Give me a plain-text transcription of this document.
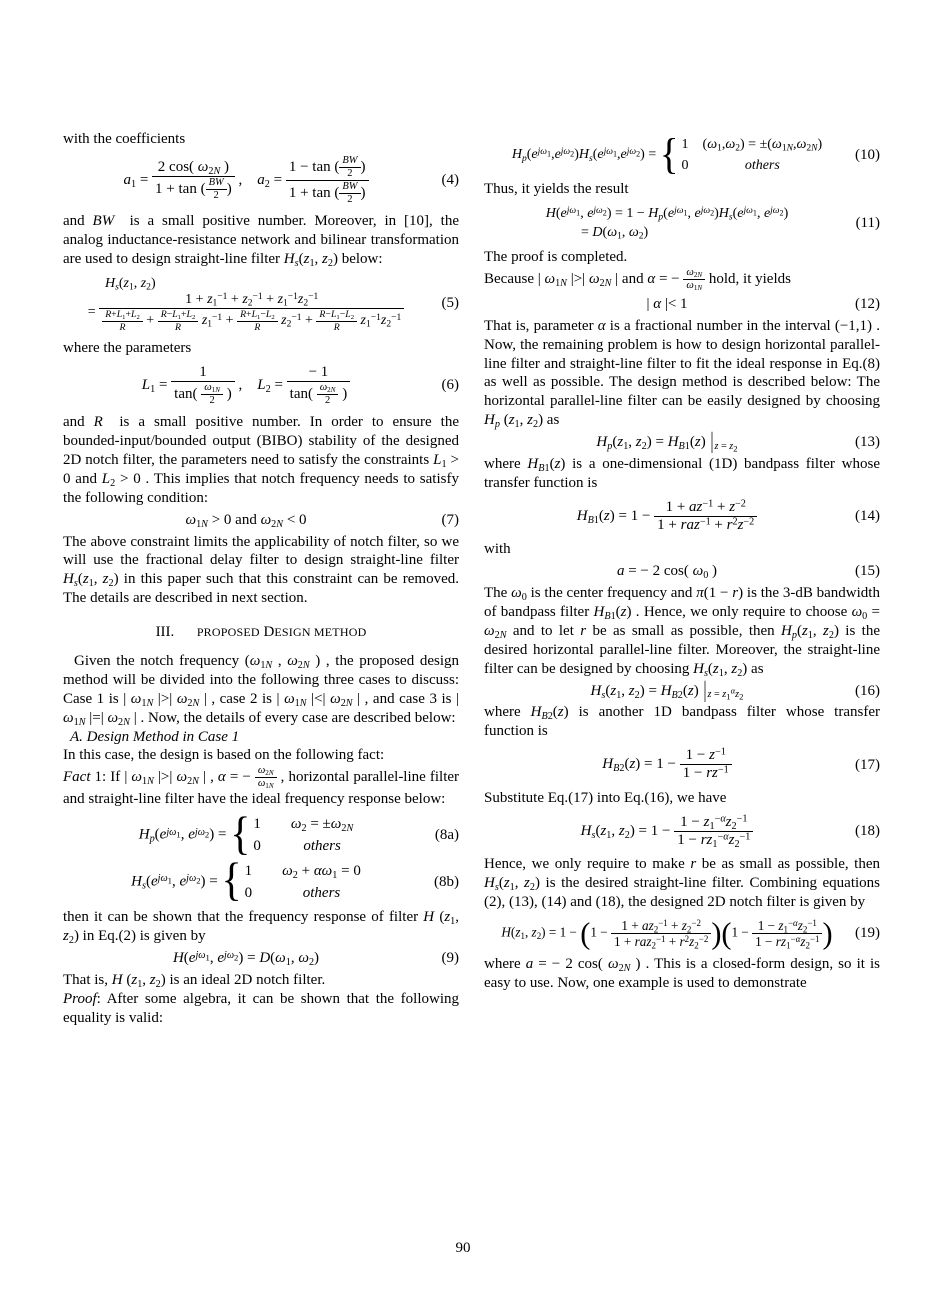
with the coefficients
$a_1 = \frac{2 \cos( \omega_{2N} )}{1 + \tan ( \frac{BW}{2} )}$ , $a_2 = \frac{1 - \tan ( \frac{BW}{2} )}{1 + \tan ( \frac{BW}{2} )}$	(4)
and BW  is a small positive number. Moreover, in [10], the analog inductance-resistance network and bilinear transformation are used to design straight-line filter $H_s(z_1$, $z_2$) below:
$H_s(z_1$, $z_2$)
= $\frac{1 + z_1^{-1} + z_2^{-1} + z_1^{-1}z_2^{-1}}{\frac{R+L_1+L_2}{R} + \frac{R-L_1+L_2}{R} z_1^{-1} + \frac{R+L_1-L_2}{R} z_2^{-1} + \frac{R-L_1-L_2}{R} z_1^{-1}z_2^{-1}}$	(5)
where the parameters
$L_1 = \frac{1}{\tan( \frac{\omega_{1N}}{2} )}$ , $L_2 = \frac{- 1}{\tan( \frac{\omega_{2N}}{2} )}$	(6)
and R  is a small positive number. In order to ensure the bounded-input/bounded output (BIBO) stability of the designed 2D notch filter, the parameters need to satisfy the constraints $L_1 > 0$ and $L_2 > 0$ . This implies that notch frequency needs to satisfy the following condition:
$\omega_{1N} > 0$ and $\omega_{2N} < 0$	(7)
The above constraint limits the applicability of notch filter, so we will use the fractional delay filter to design straight-line filter $H_s(z_1$, $z_2$) in this paper such that this constraint can be removed. The details are described in next section.
III.  PROPOSED DESIGN METHOD
Given the notch frequency ($\omega_{1N}$ , $\omega_{2N}$ ) , the proposed design method will be divided into the following three cases to discuss: Case 1 is | $\omega_{1N}$ |>| $\omega_{2N}$ | , case 2 is | $\omega_{1N}$ |<| $\omega_{2N}$ | , and case 3 is | $\omega_{1N}$ |=| $\omega_{2N}$ | . Now, the details of every case are described below:
A. Design Method in Case 1
In this case, the design is based on the following fact:
Fact 1: If | $\omega_{1N}$ |>| $\omega_{2N}$ | , α = − $\frac{\omega_{2N}}{\omega_{1N}}$ , horizontal parallel-line filter and straight-line filter have the ideal frequency response below:
$H_p(e^{j\omega_1}$, $e^{j\omega_2}$) = { 1 $\omega_2 = \pm\omega_{2N}$
0	others
(8a)
$H_s(e^{j\omega_1}$, $e^{j\omega_2}$) = { 1 $\omega_2 + \alpha\omega_1 = 0$
0	others
(8b)
then it can be shown that the frequency response of filter H ($z_1$, $z_2$) in Eq.(2) is given by
$H(e^{j\omega_1}$, $e^{j\omega_2}) = D(\omega_1$, $\omega_2$)	(9)
That is, H ($z_1$, $z_2$) is an ideal 2D notch filter.
Proof: After some algebra, it can be shown that the following equality is valid:
$H_p(e^{j\omega_1},e^{j\omega_2})H_s(e^{j\omega_1},e^{j\omega_2})$ = { 1 $(\omega_1,\omega_2) = \pm(\omega_{1N},\omega_{2N})$
0	others
(10)
Thus, it yields the result
$H(e^{j\omega_1}$, $e^{j\omega_2}) = 1 - H_p(e^{j\omega_1}$, $e^{j\omega_2})H_s(e^{j\omega_1}$, $e^{j\omega_2}$)
= $D(\omega_1$, $\omega_2$)
(11)
The proof is completed.
Because | $\omega_{1N}$ |>| $\omega_{2N}$ | and α = − $\frac{\omega_{2N}}{\omega_{1N}}$ hold, it yields
| α |< 1	(12)
That is, parameter α is a fractional number in the interval (−1,1) . Now, the remaining problem is how to design horizontal parallel-line filter and straight-line filter to fit the ideal response in Eq.(8) as well as possible. The design method is described below: The horizontal parallel-line filter can be easily designed by choosing $H_p$ ($z_1$, $z_2$) as
$H_p(z_1$, $z_2) = H_{B1}(z)$ $|_{z = z_2}$	(13)
where $H_{B1}(z)$ is a one-dimensional (1D) bandpass filter whose transfer function is
$H_{B1}(z) = 1 - \frac{1 + az^{-1} + z^{-2}}{1 + raz^{-1} + r^2z^{-2}}$	(14)
with
a = − 2 cos( $\omega_0$ )	(15)
The $\omega_0$ is the center frequency and π(1 − r) is the 3-dB bandwidth of bandpass filter $H_{B1}(z)$ . Hence, we only require to choose $\omega_0 = \omega_{2N}$ and to let r be as small as possible, then $H_p(z_1$, $z_2$) is the desired horizontal parallel-line filter. Moreover, the straight-line filter can be designed by choosing $H_s(z_1$, $z_2$) as
$H_s(z_1$, $z_2) = H_{B2}(z)$ $|_{z = z_1^\alpha z_2}$	(16)
where $H_{B2}(z)$ is another 1D bandpass filter whose transfer function is
$H_{B2}(z) = 1 - \frac{1 - z^{-1}}{1 - rz^{-1}}$	(17)
Substitute Eq.(17) into Eq.(16), we have
$H_s(z_1$, $z_2) = 1 - \frac{1 - z_1^{-\alpha}z_2^{-1}}{1 - rz_1^{-\alpha}z_2^{-1}}$	(18)
Hence, we only require to make r be as small as possible, then $H_s(z_1$, $z_2$) is the desired straight-line filter. Combining equations (2), (13), (14) and (18), the designed 2D notch filter is given by
$H(z_1$, $z_2) = 1 - (1 - \frac{1 + az_2^{-1} + z_2^{-2}}{1 + raz_2^{-1} + r^2z_2^{-2}} )(1 - \frac{1 - z_1^{-\alpha}z_2^{-1}}{1 - rz_1^{-\alpha}z_2^{-1}}$ )	(19)
where a = − 2 cos( $\omega_{2N}$ ) . This is a closed-form design, so it is easy to use. Now, one example is used to demonstrate
90
